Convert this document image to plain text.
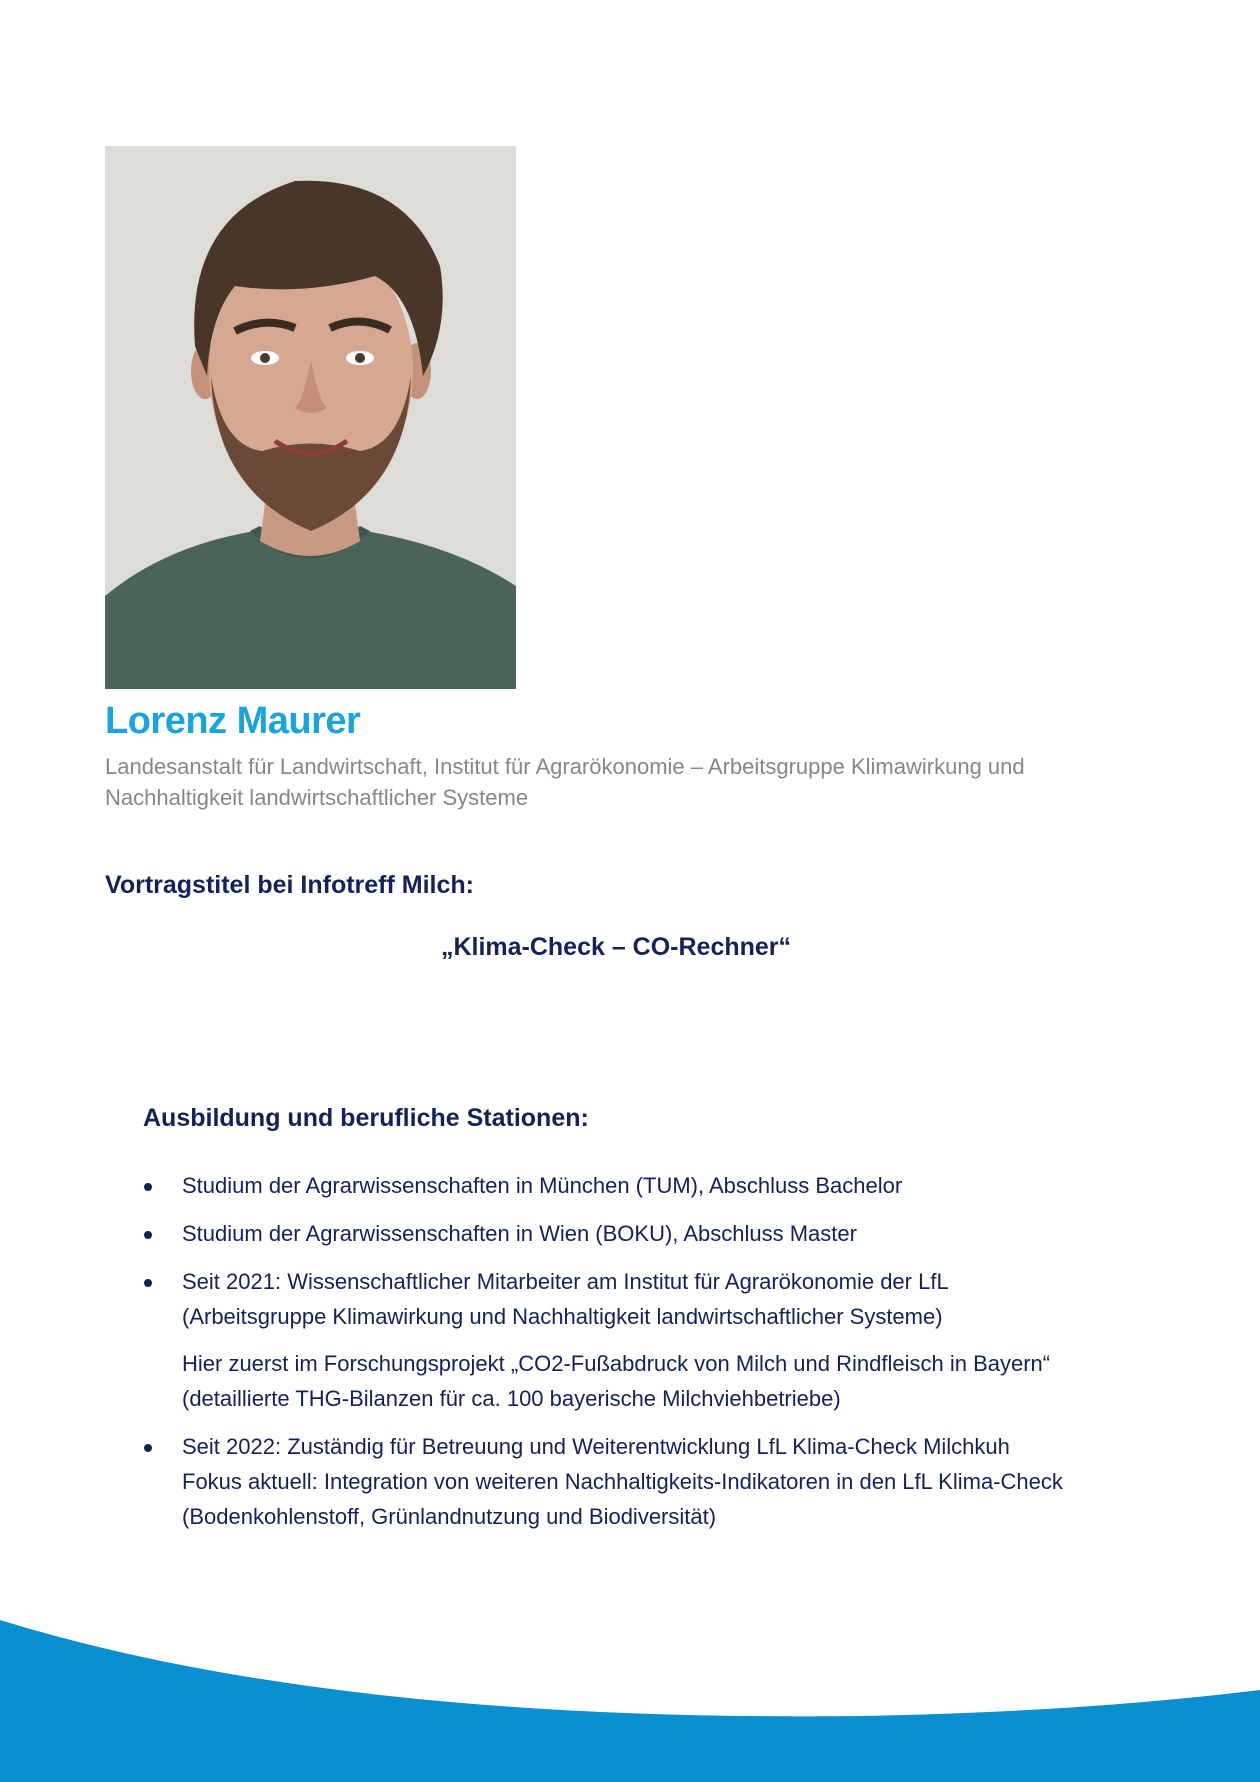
Lorenz Maurer

Landesanstalt für Landwirtschaft, Institut für Agrarökonomie – Arbeitsgruppe Klimawirkung und Nachhaltigkeit landwirtschaftlicher Systeme

Vortragstitel bei Infotreff Milch:

„Klima-Check – CO-Rechner“

Ausbildung und berufliche Stationen:

Studium der Agrarwissenschaften in München (TUM), Abschluss Bachelor

Studium der Agrarwissenschaften in Wien (BOKU), Abschluss Master

Seit 2021: Wissenschaftlicher Mitarbeiter am Institut für Agrarökonomie der LfL

(Arbeitsgruppe Klimawirkung und Nachhaltigkeit landwirtschaftlicher Systeme)

Hier zuerst im Forschungsprojekt „CO2-Fußabdruck von Milch und Rindfleisch in Bayern“

(detaillierte THG-Bilanzen für ca. 100 bayerische Milchviehbetriebe)

Seit 2022: Zuständig für Betreuung und Weiterentwicklung LfL Klima-Check Milchkuh

Fokus aktuell: Integration von weiteren Nachhaltigkeits-Indikatoren in den LfL Klima-Check

(Bodenkohlenstoff, Grünlandnutzung und Biodiversität)
